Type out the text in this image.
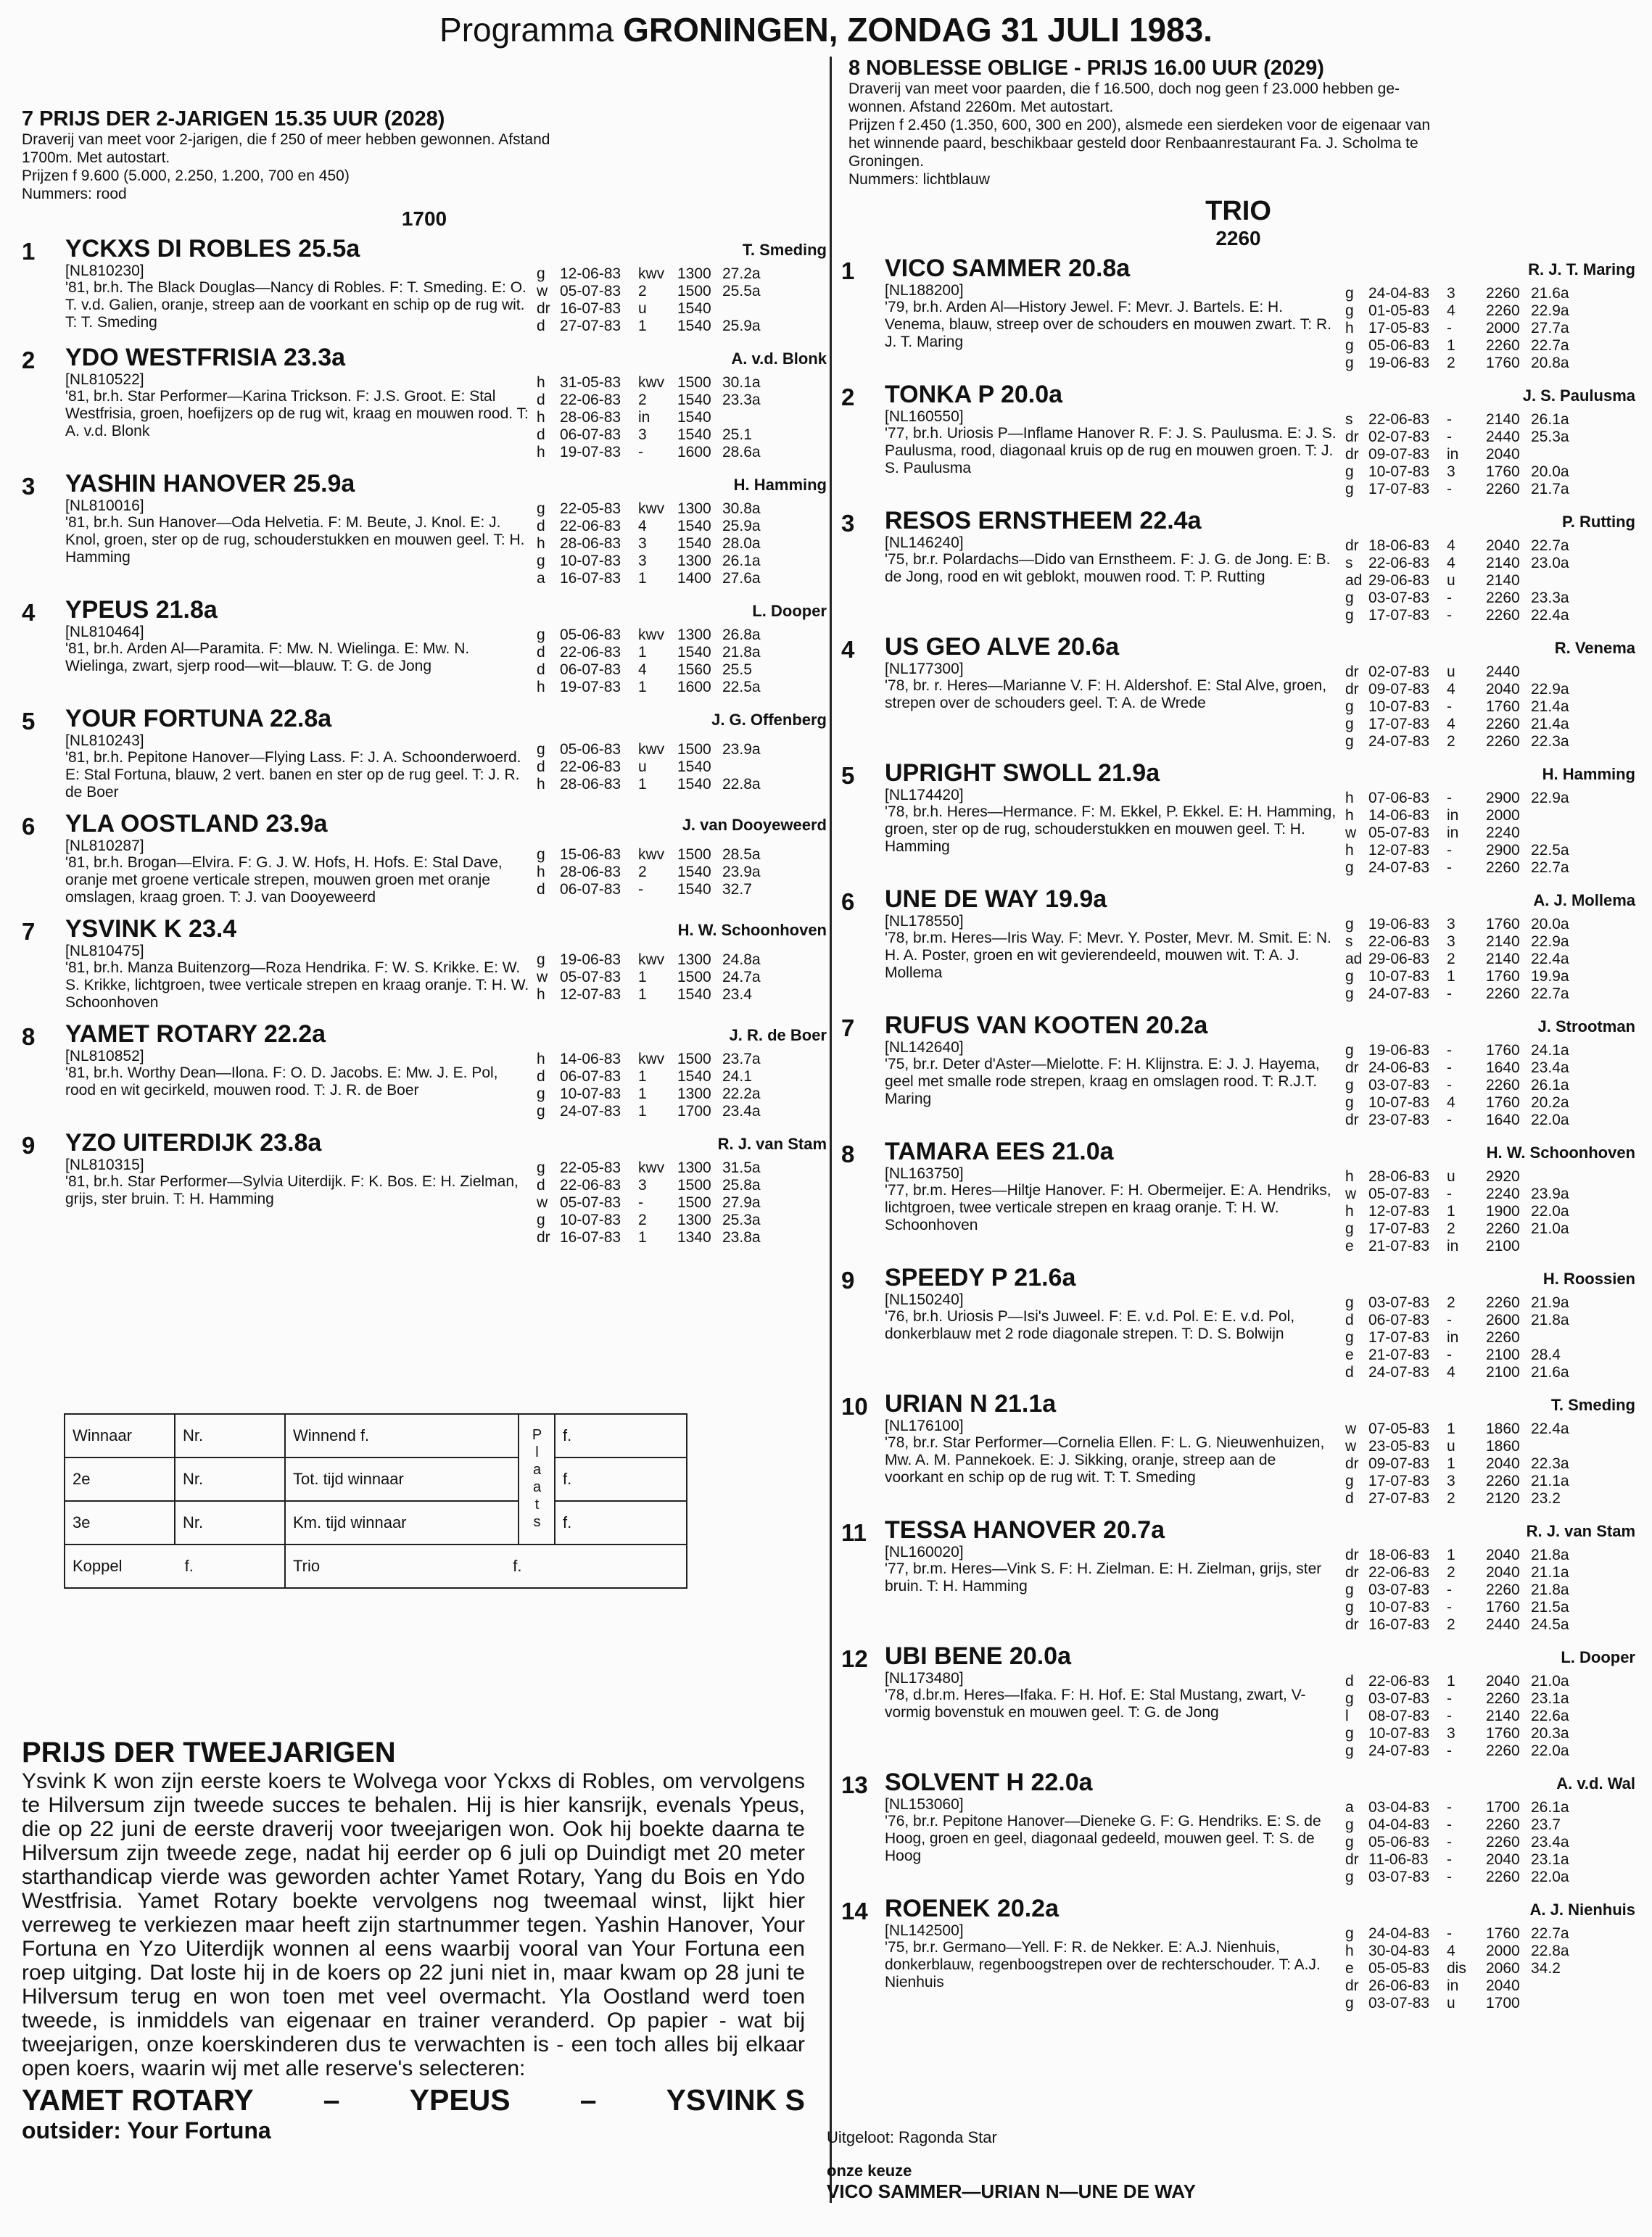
Programma GRONINGEN, ZONDAG 31 JULI 1983.
7 PRIJS DER 2-JARIGEN 15.35 UUR (2028)
Draverij van meet voor 2-jarigen, die f 250 of meer hebben gewonnen. Afstand
1700m. Met autostart.
Prijzen f 9.600 (5.000, 2.250, 1.200, 700 en 450)
Nummers: rood
1700
1	YCKXS DI ROBLES 25.5a
[NL810230]
'81, br.h. The Black Douglas—Nancy di Robles. F: T. Smeding. E: O. T. v.d. Galien, oranje, streep aan de voorkant en schip op de rug wit. T: T. Smeding
T. Smeding
g 12-06-83	kwv 1300 27.2a
w 05-07-83	2	1500 25.5a
dr 16-07-83	u	1540
d 27-07-83	1	1540 25.9a
2	YDO WESTFRISIA 23.3a
[NL810522]
'81, br.h. Star Performer—Karina Trickson. F: J.S. Groot. E: Stal Westfrisia, groen, hoefijzers op de rug wit, kraag en mouwen rood. T: A. v.d. Blonk
A. v.d. Blonk
h 31-05-83	kwv 1500 30.1a
d 22-06-83	2	1540 23.3a
h 28-06-83	in	1540
d 06-07-83	3	1540 25.1
h 19-07-83	-	1600 28.6a
3	YASHIN HANOVER 25.9a
[NL810016]
'81, br.h. Sun Hanover—Oda Helvetia. F: M. Beute, J. Knol. E: J. Knol, groen, ster op de rug, schouderstukken en mouwen geel. T: H. Hamming
H. Hamming
g 22-05-83	kwv 1300 30.8a
d 22-06-83	4	1540 25.9a
h 28-06-83	3	1540 28.0a
g 10-07-83	3	1300 26.1a
a 16-07-83	1	1400 27.6a
4	YPEUS 21.8a
[NL810464]
'81, br.h. Arden Al—Paramita. F: Mw. N. Wielinga. E: Mw. N. Wielinga, zwart, sjerp rood—wit—blauw. T: G. de Jong
L. Dooper
g 05-06-83	kwv 1300 26.8a
d 22-06-83	1	1540 21.8a
d 06-07-83	4	1560 25.5
h 19-07-83	1	1600 22.5a
5	YOUR FORTUNA 22.8a
[NL810243]
'81, br.h. Pepitone Hanover—Flying Lass. F: J. A. Schoonderwoerd. E: Stal Fortuna, blauw, 2 vert. banen en ster op de rug geel. T: J. R. de Boer
J. G. Offenberg
g 05-06-83	kwv 1500 23.9a
d 22-06-83	u	1540
h 28-06-83	1	1540 22.8a
6	YLA OOSTLAND 23.9a
[NL810287]
'81, br.h. Brogan—Elvira. F: G. J. W. Hofs, H. Hofs. E: Stal Dave, oranje met groene verticale strepen, mouwen groen met oranje omslagen, kraag groen. T: J. van Dooyeweerd
J. van Dooyeweerd
g 15-06-83	kwv 1500 28.5a
h 28-06-83	2	1540 23.9a
d 06-07-83	-	1540 32.7
7	YSVINK K 23.4
[NL810475]
'81, br.h. Manza Buitenzorg—Roza Hendrika. F: W. S. Krikke. E: W. S. Krikke, lichtgroen, twee verticale strepen en kraag oranje. T: H. W. Schoonhoven
H. W. Schoonhoven
g 19-06-83	kwv 1300 24.8a
w 05-07-83	1	1500 24.7a
h 12-07-83	1	1540 23.4
8	YAMET ROTARY 22.2a
[NL810852]
'81, br.h. Worthy Dean—Ilona. F: O. D. Jacobs. E: Mw. J. E. Pol, rood en wit gecirkeld, mouwen rood. T: J. R. de Boer
J. R. de Boer
h 14-06-83	kwv 1500 23.7a
d 06-07-83	1	1540 24.1
g 10-07-83	1	1300 22.2a
g 24-07-83	1	1700 23.4a
9	YZO UITERDIJK 23.8a
[NL810315]
'81, br.h. Star Performer—Sylvia Uiterdijk. F: K. Bos. E: H. Zielman, grijs, ster bruin. T: H. Hamming
R. J. van Stam
g 22-05-83	kwv 1300 31.5a
d 22-06-83	3	1500 25.8a
w 05-07-83	-	1500 27.9a
g 10-07-83	2	1300 25.3a
dr 16-07-83	1	1340 23.8a
8 NOBLESSE OBLIGE - PRIJS 16.00 UUR (2029)
Draverij van meet voor paarden, die f 16.500, doch nog geen f 23.000 hebben ge-
wonnen. Afstand 2260m. Met autostart.
Prijzen f 2.450 (1.350, 600, 300 en 200), alsmede een sierdeken voor de eigenaar van
het winnende paard, beschikbaar gesteld door Renbaanrestaurant Fa. J. Scholma te
Groningen.
Nummers: lichtblauw
TRIO
2260
1	VICO SAMMER 20.8a
[NL188200]
'79, br.h. Arden Al—History Jewel. F: Mevr. J. Bartels. E: H. Venema, blauw, streep over de schouders en mouwen zwart. T: R. J. T. Maring
R. J. T. Maring
g 24-04-83	3	2260 21.6a
g 01-05-83	4	2260 22.9a
h 17-05-83	-	2000 27.7a
g 05-06-83	1	2260 22.7a
g 19-06-83	2	1760 20.8a
2	TONKA P 20.0a
[NL160550]
'77, br.h. Uriosis P—Inflame Hanover R. F: J. S. Paulusma. E: J. S. Paulusma, rood, diagonaal kruis op de rug en mouwen groen. T: J. S. Paulusma
J. S. Paulusma
s	22-06-83	-	2140 26.1a
dr 02-07-83	-	2440 25.3a
dr 09-07-83	in	2040
g 10-07-83	3	1760 20.0a
g 17-07-83	-	2260 21.7a
3	RESOS ERNSTHEEM 22.4a
[NL146240]
'75, br.r. Polardachs—Dido van Ernstheem. F: J. G. de Jong. E: B. de Jong, rood en wit geblokt, mouwen rood. T: P. Rutting
P. Rutting
dr 18-06-83	4	2040 22.7a
s	22-06-83	4	2140 23.0a
ad 29-06-83	u	2140
g 03-07-83	-	2260 23.3a
g 17-07-83	-	2260 22.4a
4	US GEO ALVE 20.6a
[NL177300]
'78, br. r. Heres—Marianne V. F: H. Aldershof. E: Stal Alve, groen, strepen over de schouders geel. T: A. de Wrede
R. Venema
dr 02-07-83	u	2440
dr 09-07-83	4	2040 22.9a
g 10-07-83	-	1760 21.4a
g 17-07-83	4	2260 21.4a
g 24-07-83	2	2260 22.3a
5	UPRIGHT SWOLL 21.9a
[NL174420]
'78, br.h. Heres—Hermance. F: M. Ekkel, P. Ekkel. E: H. Hamming, groen, ster op de rug, schouderstukken en mouwen geel. T: H. Hamming
H. Hamming
h 07-06-83	-	2900 22.9a
h 14-06-83	in	2000
w 05-07-83	in	2240
h 12-07-83	-	2900 22.5a
g 24-07-83	-	2260 22.7a
6	UNE DE WAY 19.9a
[NL178550]
'78, br.m. Heres—Iris Way. F: Mevr. Y. Poster, Mevr. M. Smit. E: N. H. A. Poster, groen en wit gevierendeeld, mouwen wit. T: A. J. Mollema
A. J. Mollema
g 19-06-83	3	1760 20.0a
s	22-06-83	3	2140 22.9a
ad 29-06-83	2	2140 22.4a
g 10-07-83	1	1760 19.9a
g 24-07-83	-	2260 22.7a
7	RUFUS VAN KOOTEN 20.2a
[NL142640]
'75, br.r. Deter d'Aster—Mielotte. F: H. Klijnstra. E: J. J. Hayema, geel met smalle rode strepen, kraag en omslagen rood. T: R.J.T. Maring
J. Strootman
g 19-06-83	-	1760 24.1a
dr 24-06-83	-	1640 23.4a
g 03-07-83	-	2260 26.1a
g 10-07-83	4	1760 20.2a
dr 23-07-83	-	1640 22.0a
8	TAMARA EES 21.0a
[NL163750]
'77, br.m. Heres—Hiltje Hanover. F: H. Obermeijer. E: A. Hendriks, lichtgroen, twee verticale strepen en kraag oranje. T: H. W. Schoonhoven
H. W. Schoonhoven
h 28-06-83	u	2920
w 05-07-83	-	2240 23.9a
h 12-07-83	1	1900 22.0a
g 17-07-83	2	2260 21.0a
e 21-07-83	in	2100
9	SPEEDY P 21.6a
[NL150240]
'76, br.h. Uriosis P—Isi's Juweel. F: E. v.d. Pol. E: E. v.d. Pol, donkerblauw met 2 rode diagonale strepen. T: D. S. Bolwijn
H. Roossien
g 03-07-83	2	2260 21.9a
d 06-07-83	-	2600 21.8a
g 17-07-83	in	2260
e 21-07-83	-	2100 28.4
d 24-07-83	4	2100 21.6a
10 URIAN N 21.1a
[NL176100]
'78, br.r. Star Performer—Cornelia Ellen. F: L. G. Nieuwenhuizen, Mw. A. M. Pannekoek. E: J. Sikking, oranje, streep aan de voorkant en schip op de rug wit. T: T. Smeding
T. Smeding
w 07-05-83	1	1860 22.4a
w 23-05-83	u	1860
dr 09-07-83	1	2040 22.3a
g 17-07-83	3	2260 21.1a
d 27-07-83	2	2120 23.2
11 TESSA HANOVER 20.7a
[NL160020]
'77, br.m. Heres—Vink S. F: H. Zielman. E: H. Zielman, grijs, ster bruin. T: H. Hamming
R. J. van Stam
dr 18-06-83	1	2040 21.8a
dr 22-06-83	2	2040 21.1a
g 03-07-83	-	2260 21.8a
g 10-07-83	-	1760 21.5a
dr 16-07-83	2	2440 24.5a
12 UBI BENE 20.0a
[NL173480]
'78, d.br.m. Heres—Ifaka. F: H. Hof. E: Stal Mustang, zwart, V-vormig bovenstuk en mouwen geel. T: G. de Jong
L. Dooper
d 22-06-83	1	2040 21.0a
g 03-07-83	-	2260 23.1a
l	08-07-83	-	2140 22.6a
g 10-07-83	3	1760 20.3a
g 24-07-83	-	2260 22.0a
13 SOLVENT H 22.0a
[NL153060]
'76, br.r. Pepitone Hanover—Dieneke G. F: G. Hendriks. E: S. de Hoog, groen en geel, diagonaal gedeeld, mouwen geel. T: S. de Hoog
A. v.d. Wal
a 03-04-83	-	1700 26.1a
g 04-04-83	-	2260 23.7
g 05-06-83	-	2260 23.4a
dr 11-06-83	-	2040 23.1a
g 03-07-83	-	2260 22.0a
14 ROENEK 20.2a
[NL142500]
'75, br.r. Germano—Yell. F: R. de Nekker. E: A.J. Nienhuis, donkerblauw, regenboogstrepen over de rechterschouder. T: A.J. Nienhuis
A. J. Nienhuis
g 24-04-83	-	1760 22.7a
h 30-04-83	4	2000 22.8a
e 05-05-83	dis	2060 34.2
dr 26-06-83	in	2040
g 03-07-83	u	1700
Winnaar	Nr.	Winnend f.	Plaats	f.
2e	Nr.	Tot. tijd winnaar		f.
3e	Nr.	Km. tijd winnaar		f.
Koppel f.		Trio f.		
PRIJS DER TWEEJARIGEN
Ysvink K won zijn eerste koers te Wolvega voor Yckxs di Robles, om vervolgens te Hilversum zijn tweede succes te behalen. Hij is hier kansrijk, evenals Ypeus, die op 22 juni de eerste draverij voor tweejarigen won. Ook hij boekte daarna te Hilversum zijn tweede zege, nadat hij eerder op 6 juli op Duindigt met 20 meter starthandicap vierde was geworden achter Yamet Rotary, Yang du Bois en Ydo Westfrisia. Yamet Rotary boekte vervolgens nog tweemaal winst, lijkt hier verreweg te verkiezen maar heeft zijn startnummer tegen. Yashin Hanover, Your Fortuna en Yzo Uiterdijk wonnen al eens waarbij vooral van Your Fortuna een roep uitging. Dat loste hij in de koers op 22 juni niet in, maar kwam op 28 juni te Hilversum terug en won toen met veel overmacht. Yla Oostland werd toen tweede, is inmiddels van eigenaar en trainer veranderd. Op papier - wat bij tweejarigen, onze koerskinderen dus te verwachten is - een toch alles bij elkaar open koers, waarin wij met alle reserve's selecteren:
YAMET ROTARY – YPEUS – YSVINK S
outsider: Your Fortuna	Uitgeloot: Ragonda Star
onze keuze
VICO SAMMER—URIAN N—UNE DE WAY
